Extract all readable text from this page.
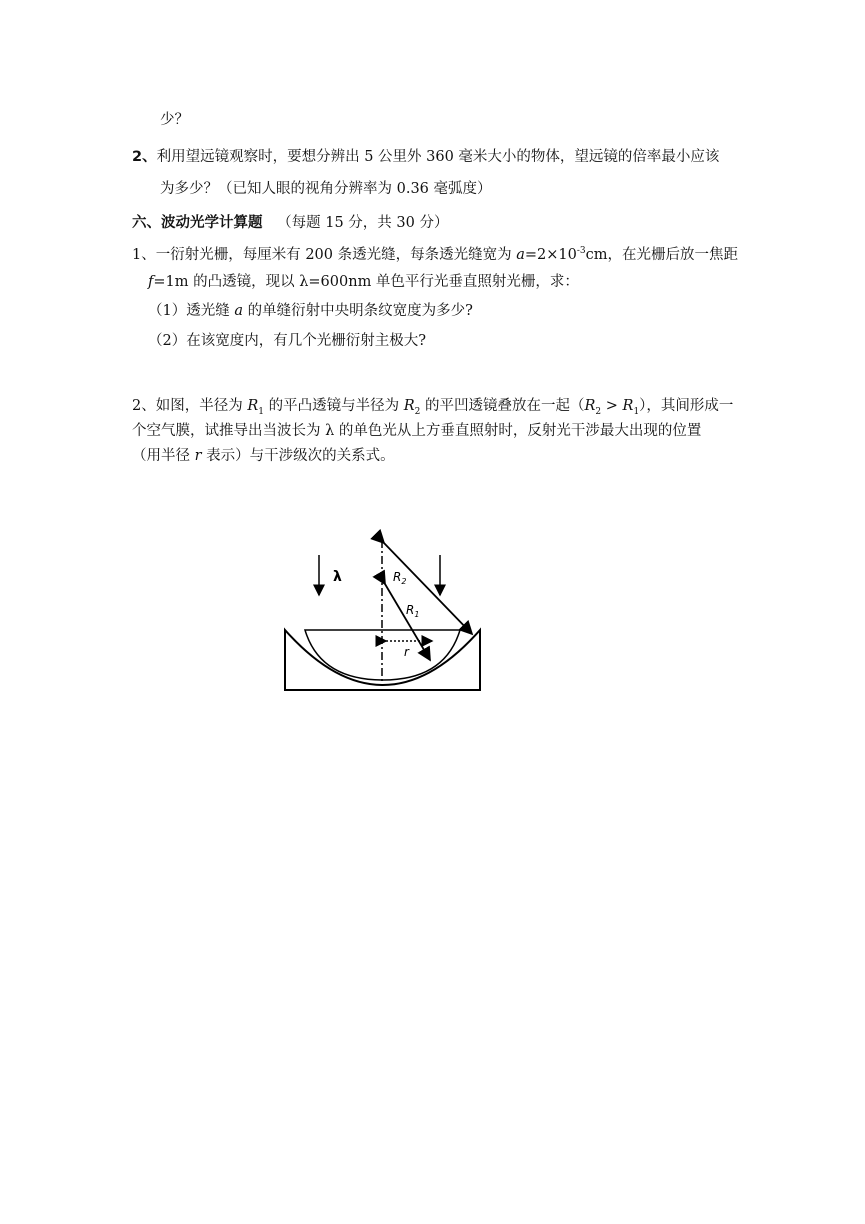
少？
2、利用望远镜观察时，要想分辨出 5 公里外 360 毫米大小的物体，望远镜的倍率最小应该
为多少？（已知人眼的视角分辨率为 0.36 毫弧度）
六、波动光学计算题 （每题 15 分，共 30 分）
1、一衍射光栅，每厘米有 200 条透光缝，每条透光缝宽为 $a=2\times 10^{-3}cm$，在光栅后放一焦距
f=1m 的凸透镜，现以 λ=600nm 单色平行光垂直照射光栅，求：
（1）透光缝 a 的单缝衍射中央明条纹宽度为多少?
（2）在该宽度内，有几个光栅衍射主极大?
2、如图，半径为 $R_1$ 的平凸透镜与半径为 $R_2$ 的平凹透镜叠放在一起$(R_2 > R_1)$，其间形成一
个空气膜，试推导出当波长为 λ 的单色光从上方垂直照射时，反射光干涉最大出现的位置
（用半径 r 表示）与干涉级次的关系式。
λ	$R_2$
$R_1$
r
